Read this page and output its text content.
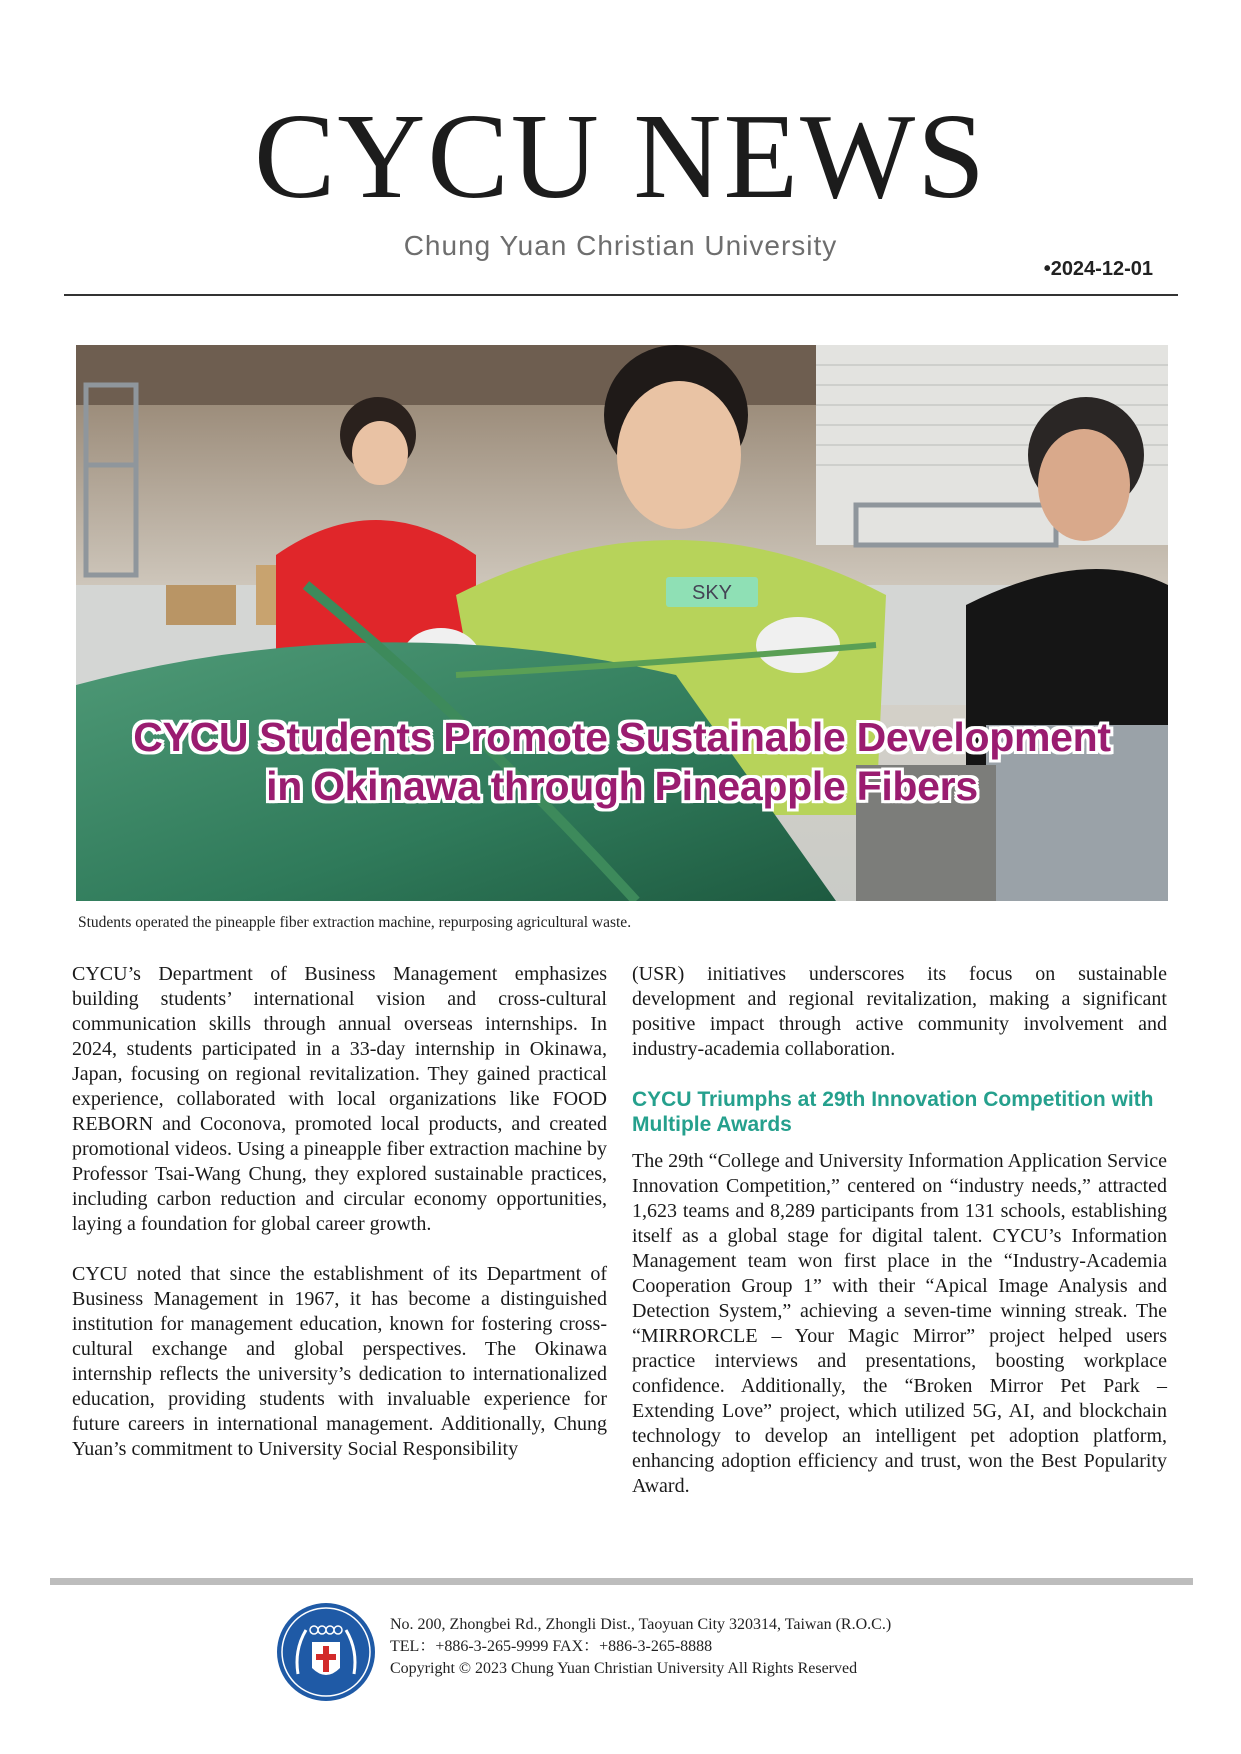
CYCU NEWS
Chung Yuan Christian University
•2024-12-01
SKY
CYCU Students Promote Sustainable Development
in Okinawa through Pineapple Fibers
Students operated the pineapple fiber extraction machine, repurposing agricultural waste.

CYCU’s Department of Business Management emphasizes building students’ international vision and cross-cultural communication skills through annual overseas internships. In 2024, students participated in a 33-day internship in Okinawa, Japan, focusing on regional revitalization. They gained practical experience, collaborated with local organizations like FOOD REBORN and Coconova, promoted local products, and created promotional videos. Using a pineapple fiber extraction machine by Professor Tsai-Wang Chung, they explored sustainable practices, including carbon reduction and circular economy opportunities, laying a foundation for global career growth.

CYCU noted that since the establishment of its Department of Business Management in 1967, it has become a distinguished institution for management education, known for fostering cross-cultural exchange and global perspectives. The Okinawa internship reflects the university’s dedication to internationalized education, providing students with invaluable experience for future careers in international management. Additionally, Chung Yuan’s commitment to University Social Responsibility

(USR) initiatives underscores its focus on sustainable development and regional revitalization, making a significant positive impact through active community involvement and industry-academia collaboration.

CYCU Triumphs at 29th Innovation Competition with Multiple Awards

The 29th “College and University Information Application Service Innovation Competition,” centered on “industry needs,” attracted 1,623 teams and 8,289 participants from 131 schools, establishing itself as a global stage for digital talent. CYCU’s Information Management team won first place in the “Industry-Academia Cooperation Group 1” with their “Apical Image Analysis and Detection System,” achieving a seven-time winning streak. The “MIRRORCLE – Your Magic Mirror” project helped users practice interviews and presentations, boosting workplace confidence. Additionally, the “Broken Mirror Pet Park – Extending Love” project, which utilized 5G, AI, and blockchain technology to develop an intelligent pet adoption platform, enhancing adoption efficiency and trust, won the Best Popularity Award.

No. 200, Zhongbei Rd., Zhongli Dist., Taoyuan City 320314, Taiwan (R.O.C.)
TEL：+886-3-265-9999 FAX：+886-3-265-8888
Copyright © 2023 Chung Yuan Christian University All Rights Reserved
